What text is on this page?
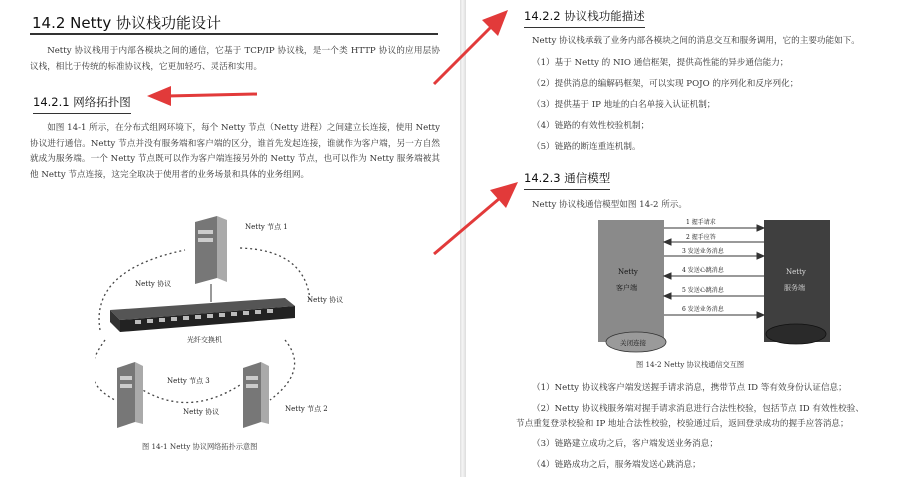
14.2 Netty 协议栈功能设计
Netty 协议栈用于内部各模块之间的通信，它基于 TCP/IP 协议栈，是一个类 HTTP 协议的应用层协议栈，相比于传统的标准协议栈，它更加轻巧、灵活和实用。
14.2.1 网络拓扑图
如图 14-1 所示，在分布式组网环境下，每个 Netty 节点（Netty 进程）之间建立长连接，使用 Netty 协议进行通信。Netty 节点并没有服务端和客户端的区分，谁首先发起连接，谁就作为客户端，另一方自然就成为服务端。一个 Netty 节点既可以作为客户端连接另外的 Netty 节点，也可以作为 Netty 服务端被其他 Netty 节点连接，这完全取决于使用者的业务场景和具体的业务组网。
Netty 节点 1
Netty 协议
Netty 协议
光纤交换机
Netty 节点 3
Netty 协议	Netty 节点 2
图 14-1 Netty 协议网络拓扑示意图
14.2.2 协议栈功能描述
Netty 协议栈承载了业务内部各模块之间的消息交互和服务调用，它的主要功能如下。
（1）基于 Netty 的 NIO 通信框架，提供高性能的异步通信能力；
（2）提供消息的编解码框架，可以实现 POJO 的序列化和反序列化；
（3）提供基于 IP 地址的白名单接入认证机制；
（4）链路的有效性校验机制；
（5）链路的断连重连机制。
14.2.3 通信模型
Netty 协议栈通信模型如图 14-2 所示。
Netty
客户端
Netty
服务端
1 握手请求
2 握手应答
3 发送业务消息
4 发送心跳消息
5 发送心跳消息
6 发送业务消息
关闭连接
图 14-2 Netty 协议栈通信交互图
（1）Netty 协议栈客户端发送握手请求消息，携带节点 ID 等有效身份认证信息；
（2）Netty 协议栈服务端对握手请求消息进行合法性校验，包括节点 ID 有效性校验、
节点重复登录校验和 IP 地址合法性校验，校验通过后，返回登录成功的握手应答消息；
（3）链路建立成功之后，客户端发送业务消息；
（4）链路成功之后，服务端发送心跳消息；
